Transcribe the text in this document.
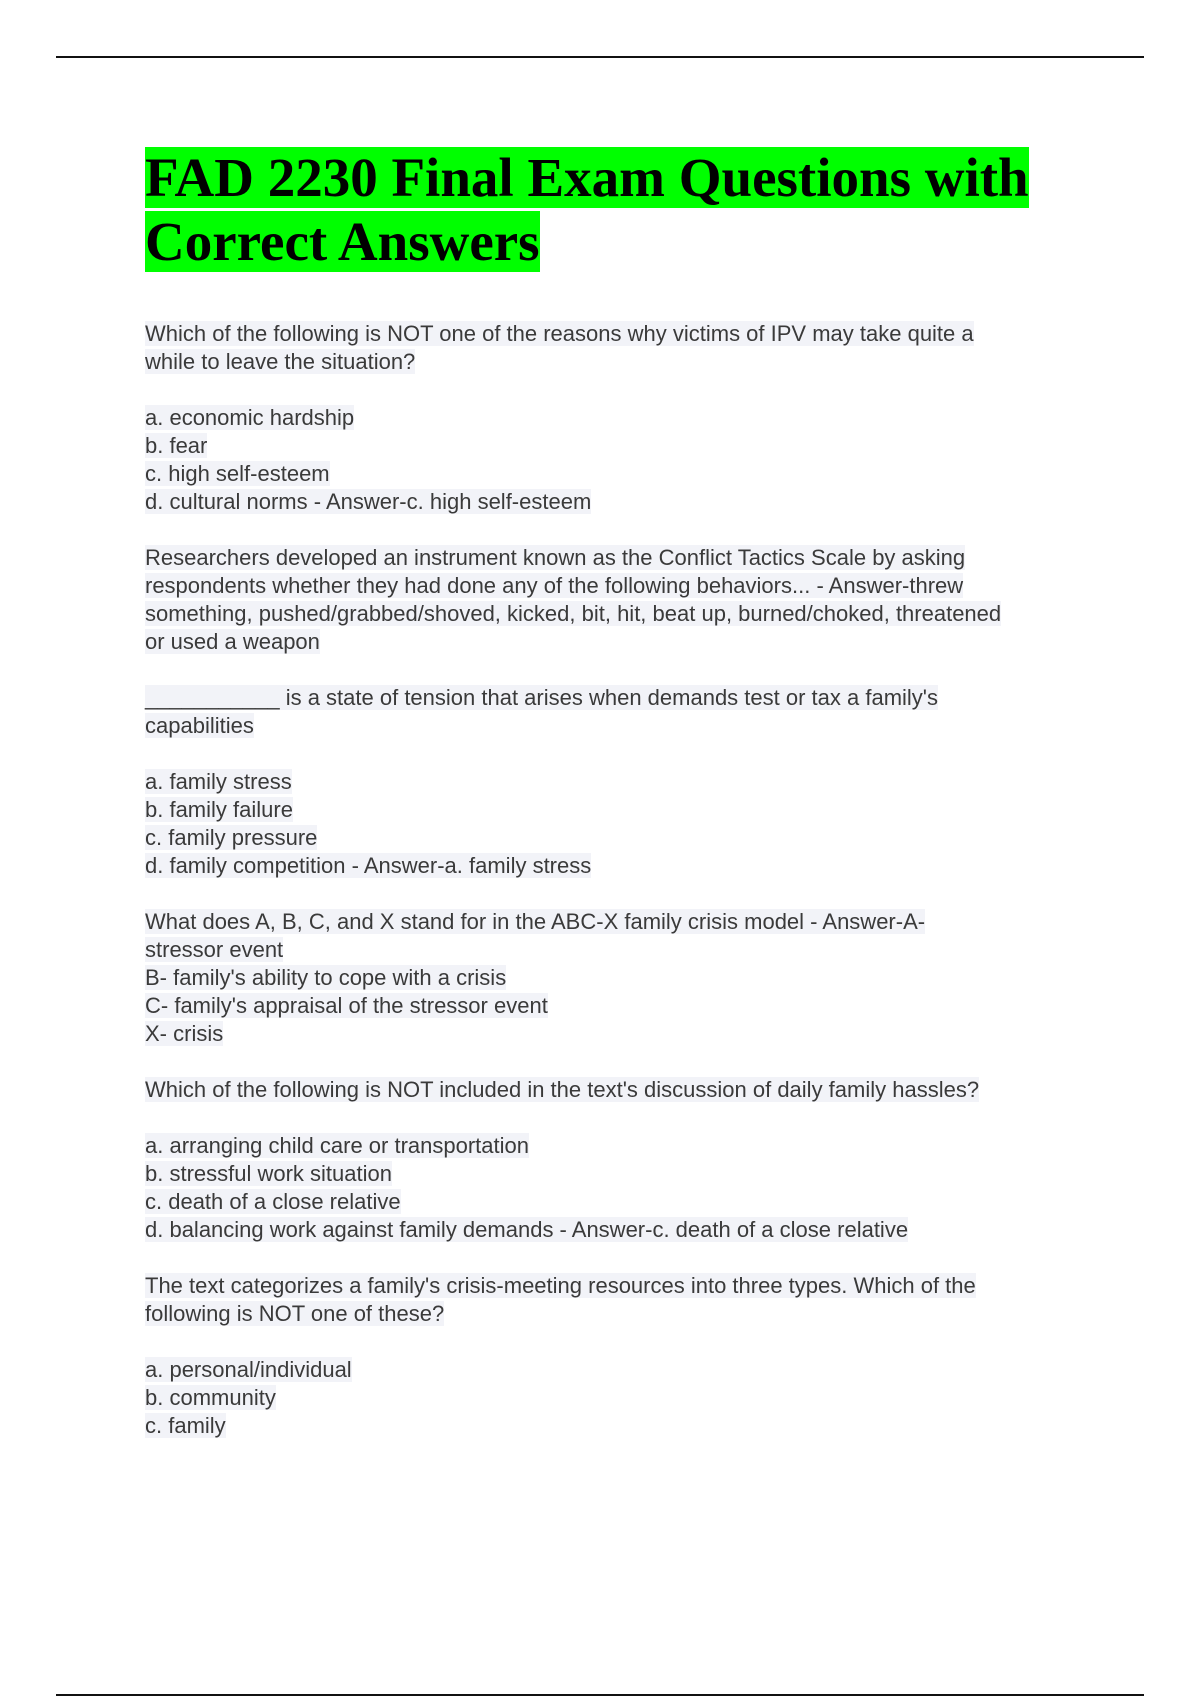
FAD 2230 Final Exam Questions with Correct Answers
Which of the following is NOT one of the reasons why victims of IPV may take quite a
while to leave the situation?
a. economic hardship
b. fear
c. high self-esteem
d. cultural norms - Answer-c. high self-esteem
Researchers developed an instrument known as the Conflict Tactics Scale by asking
respondents whether they had done any of the following behaviors... - Answer-threw
something, pushed/grabbed/shoved, kicked, bit, hit, beat up, burned/choked, threatened
or used a weapon
___________ is a state of tension that arises when demands test or tax a family's
capabilities
a. family stress
b. family failure
c. family pressure
d. family competition - Answer-a. family stress
What does A, B, C, and X stand for in the ABC-X family crisis model - Answer-A-
stressor event
B- family's ability to cope with a crisis
C- family's appraisal of the stressor event
X- crisis
Which of the following is NOT included in the text's discussion of daily family hassles?
a. arranging child care or transportation
b. stressful work situation
c. death of a close relative
d. balancing work against family demands - Answer-c. death of a close relative
The text categorizes a family's crisis-meeting resources into three types. Which of the
following is NOT one of these?
a. personal/individual
b. community
c. family
